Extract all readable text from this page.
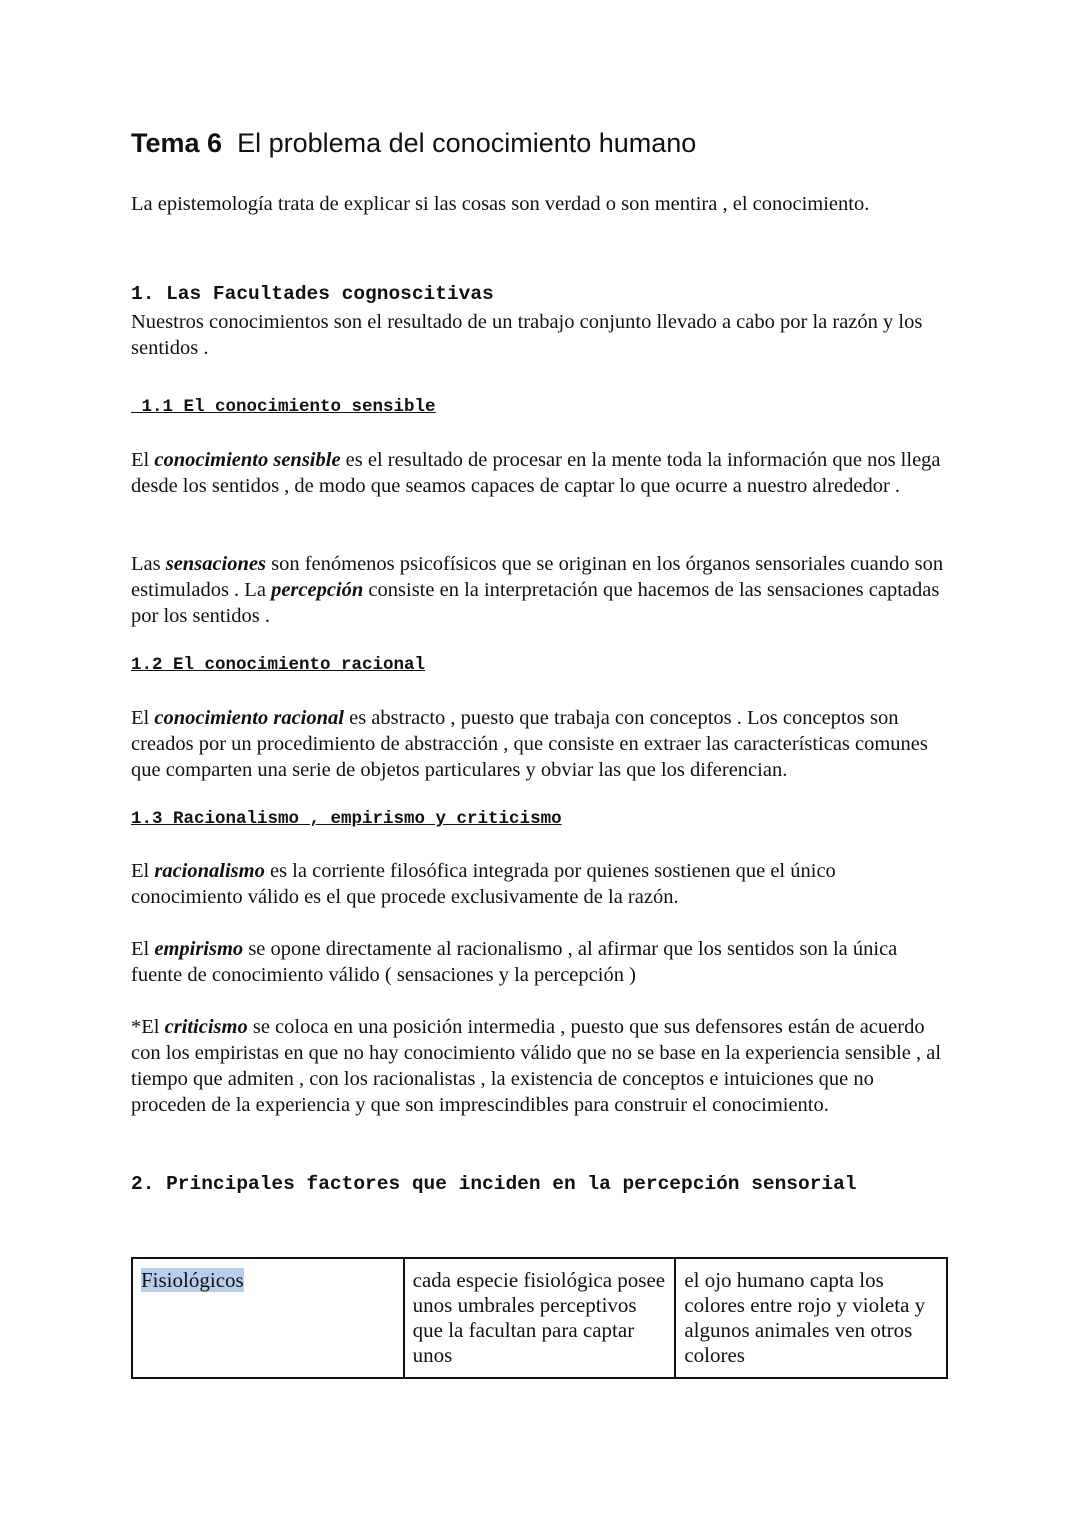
Tema 6 El problema del conocimiento humano
La epistemología trata de explicar si las cosas son verdad o son mentira , el conocimiento.
1. Las Facultades cognoscitivas
Nuestros conocimientos son el resultado de un trabajo conjunto llevado a cabo por la razón y los sentidos .
1.1 El conocimiento sensible
El conocimiento sensible es el resultado de procesar en la mente toda la información que nos llega desde los sentidos , de modo que seamos capaces de captar lo que ocurre a nuestro alrededor .
Las sensaciones son fenómenos psicofísicos que se originan en los órganos sensoriales cuando son estimulados . La percepción consiste en la interpretación que hacemos de las sensaciones captadas por los sentidos .
1.2 El conocimiento racional
El conocimiento racional es abstracto , puesto que trabaja con conceptos . Los conceptos son creados por un procedimiento de abstracción , que consiste en extraer las características comunes que comparten una serie de objetos particulares y obviar las que los diferencian.
1.3 Racionalismo , empirismo y criticismo
El racionalismo es la corriente filosófica integrada por quienes sostienen que el único conocimiento válido es el que procede exclusivamente de la razón.
El empirismo se opone directamente al racionalismo , al afirmar que los sentidos son la única fuente de conocimiento válido ( sensaciones y la percepción )
*El criticismo se coloca en una posición intermedia , puesto que sus defensores están de acuerdo con los empiristas en que no hay conocimiento válido que no se base en la experiencia sensible , al tiempo que admiten , con los racionalistas , la existencia de conceptos e intuiciones que no proceden de la experiencia y que son imprescindibles para construir el conocimiento.
2. Principales factores que inciden en la percepción sensorial
Fisiológicos	cada especie fisiológica posee unos umbrales perceptivos que la facultan para captar unos	el ojo humano capta los colores entre rojo y violeta y algunos animales ven otros colores
